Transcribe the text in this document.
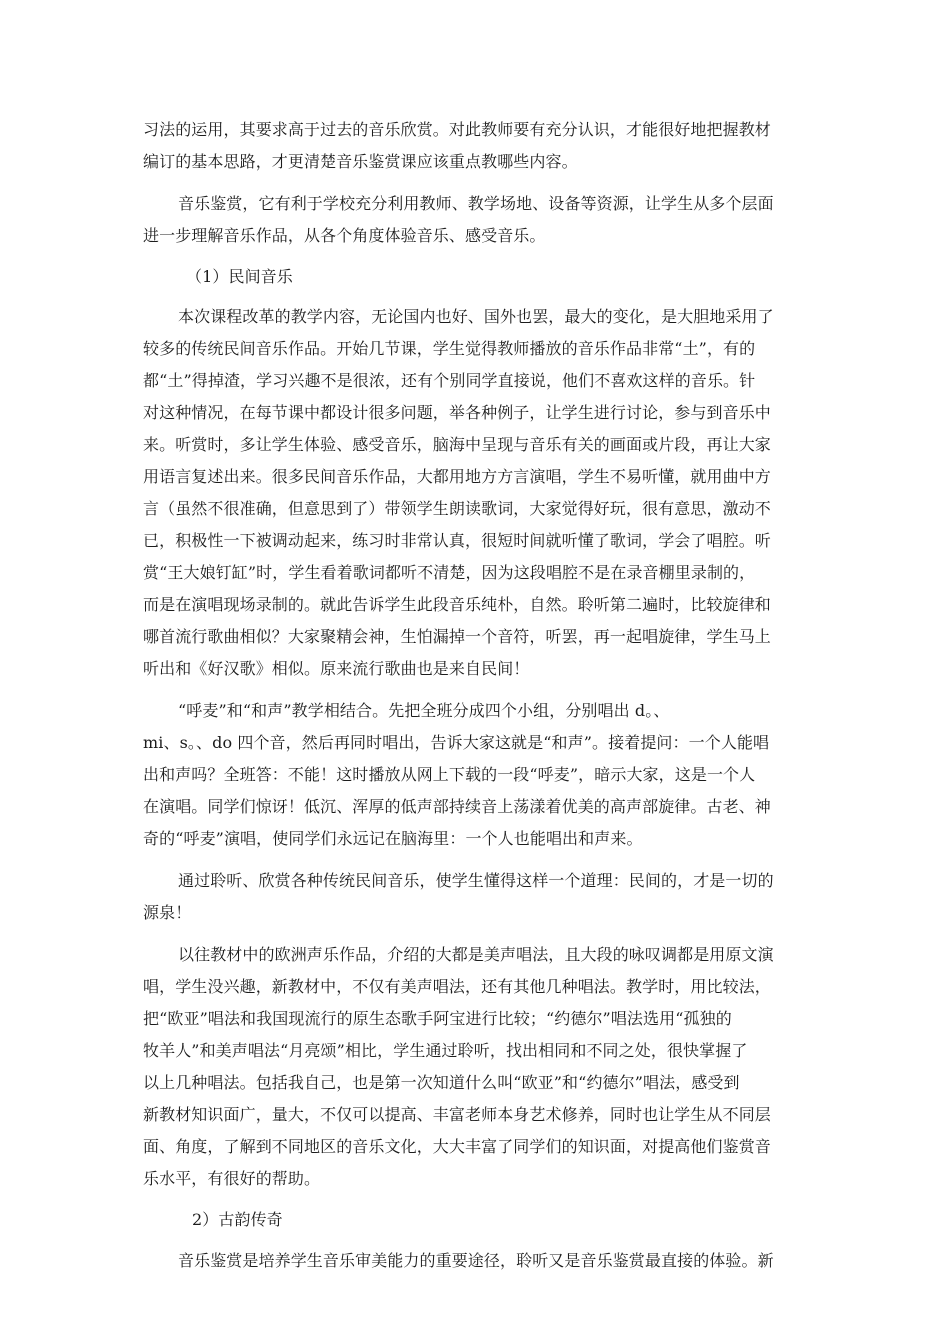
习法的运用，其要求高于过去的音乐欣赏。对此教师要有充分认识，才能很好地把握教材

编订的基本思路，才更清楚音乐鉴赏课应该重点教哪些内容。

音乐鉴赏，它有利于学校充分利用教师、教学场地、设备等资源，让学生从多个层面

进一步理解音乐作品，从各个角度体验音乐、感受音乐。

（1）民间音乐

本次课程改革的教学内容，无论国内也好、国外也罢，最大的变化，是大胆地采用了

较多的传统民间音乐作品。开始几节课，学生觉得教师播放的音乐作品非常“土”，有的

都“土”得掉渣，学习兴趣不是很浓，还有个别同学直接说，他们不喜欢这样的音乐。针

对这种情况，在每节课中都设计很多问题，举各种例子，让学生进行讨论，参与到音乐中

来。听赏时，多让学生体验、感受音乐，脑海中呈现与音乐有关的画面或片段，再让大家

用语言复述出来。很多民间音乐作品，大都用地方方言演唱，学生不易听懂，就用曲中方

言（虽然不很准确，但意思到了）带领学生朗读歌词，大家觉得好玩，很有意思，激动不

已，积极性一下被调动起来，练习时非常认真，很短时间就听懂了歌词，学会了唱腔。听

赏“王大娘钉缸”时，学生看着歌词都听不清楚，因为这段唱腔不是在录音棚里录制的，

而是在演唱现场录制的。就此告诉学生此段音乐纯朴，自然。聆听第二遍时，比较旋律和

哪首流行歌曲相似？大家聚精会神，生怕漏掉一个音符，听罢，再一起唱旋律，学生马上

听出和《好汉歌》相似。原来流行歌曲也是来自民间！

“呼麦”和“和声”教学相结合。先把全班分成四个小组，分别唱出 d。、

mi、s。、do 四个音，然后再同时唱出，告诉大家这就是“和声”。接着提问：一个人能唱

出和声吗？全班答：不能！这时播放从网上下载的一段“呼麦”，暗示大家，这是一个人

在演唱。同学们惊讶！低沉、浑厚的低声部持续音上荡漾着优美的高声部旋律。古老、神

奇的“呼麦”演唱，使同学们永远记在脑海里：一个人也能唱出和声来。

通过聆听、欣赏各种传统民间音乐，使学生懂得这样一个道理：民间的，才是一切的

源泉！

以往教材中的欧洲声乐作品，介绍的大都是美声唱法，且大段的咏叹调都是用原文演

唱，学生没兴趣，新教材中，不仅有美声唱法，还有其他几种唱法。教学时，用比较法，

把“欧亚”唱法和我国现流行的原生态歌手阿宝进行比较；“约德尔”唱法选用“孤独的

牧羊人”和美声唱法“月亮颂”相比，学生通过聆听，找出相同和不同之处，很快掌握了

以上几种唱法。包括我自己，也是第一次知道什么叫“欧亚”和“约德尔”唱法，感受到

新教材知识面广，量大，不仅可以提高、丰富老师本身艺术修养，同时也让学生从不同层

面、角度，了解到不同地区的音乐文化，大大丰富了同学们的知识面，对提高他们鉴赏音

乐水平，有很好的帮助。

2）古韵传奇

音乐鉴赏是培养学生音乐审美能力的重要途径，聆听又是音乐鉴赏最直接的体验。新
